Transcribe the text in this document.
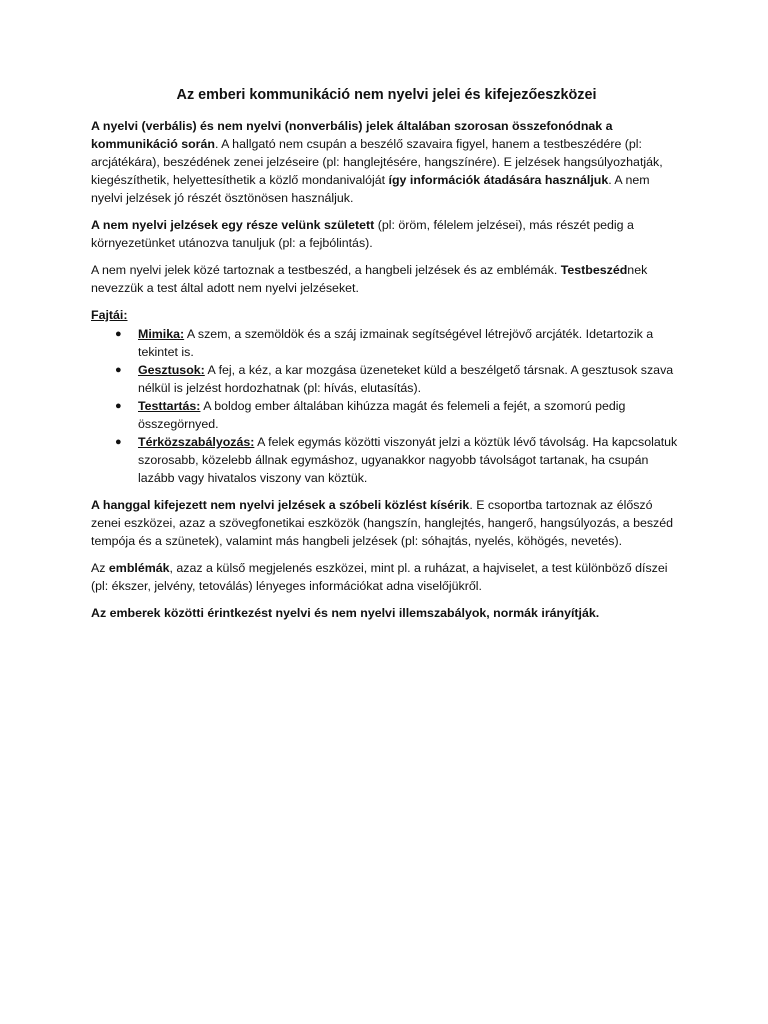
Az emberi kommunikáció nem nyelvi jelei és kifejezőeszközei

A nyelvi (verbális) és nem nyelvi (nonverbális) jelek általában szorosan összefonódnak a kommunikáció során. A hallgató nem csupán a beszélő szavaira figyel, hanem a testbeszédére (pl: arcjátékára), beszédének zenei jelzéseire (pl: hanglejtésére, hangszínére). E jelzések hangsúlyozhatják, kiegészíthetik, helyettesíthetik a közlő mondanivalóját így információk átadására használjuk. A nem nyelvi jelzések jó részét ösztönösen használjuk.

A nem nyelvi jelzések egy része velünk született (pl: öröm, félelem jelzései), más részét pedig a környezetünket utánozva tanuljuk (pl: a fejbólintás).

A nem nyelvi jelek közé tartoznak a testbeszéd, a hangbeli jelzések és az emblémák. Testbeszédnek nevezzük a test által adott nem nyelvi jelzéseket.

Fajtái:

● Mimika: A szem, a szemöldök és a száj izmainak segítségével létrejövő arcjáték. Idetartozik a tekintet is.
● Gesztusok: A fej, a kéz, a kar mozgása üzeneteket küld a beszélgető társnak. A gesztusok szava nélkül is jelzést hordozhatnak (pl: hívás, elutasítás).
● Testtartás: A boldog ember általában kihúzza magát és felemeli a fejét, a szomorú pedig összegörnyed.
● Térközszabályozás: A felek egymás közötti viszonyát jelzi a köztük lévő távolság. Ha kapcsolatuk szorosabb, közelebb állnak egymáshoz, ugyanakkor nagyobb távolságot tartanak, ha csupán lazább vagy hivatalos viszony van köztük.

A hanggal kifejezett nem nyelvi jelzések a szóbeli közlést kísérik. E csoportba tartoznak az élőszó zenei eszközei, azaz a szövegfonetikai eszközök (hangszín, hanglejtés, hangerő, hangsúlyozás, a beszéd tempója és a szünetek), valamint más hangbeli jelzések (pl: sóhajtás, nyelés, köhögés, nevetés).

Az emblémák, azaz a külső megjelenés eszközei, mint pl. a ruházat, a hajviselet, a test különböző díszei (pl: ékszer, jelvény, tetoválás) lényeges információkat adna viselőjükről.

Az emberek közötti érintkezést nyelvi és nem nyelvi illemszabályok, normák irányítják.
